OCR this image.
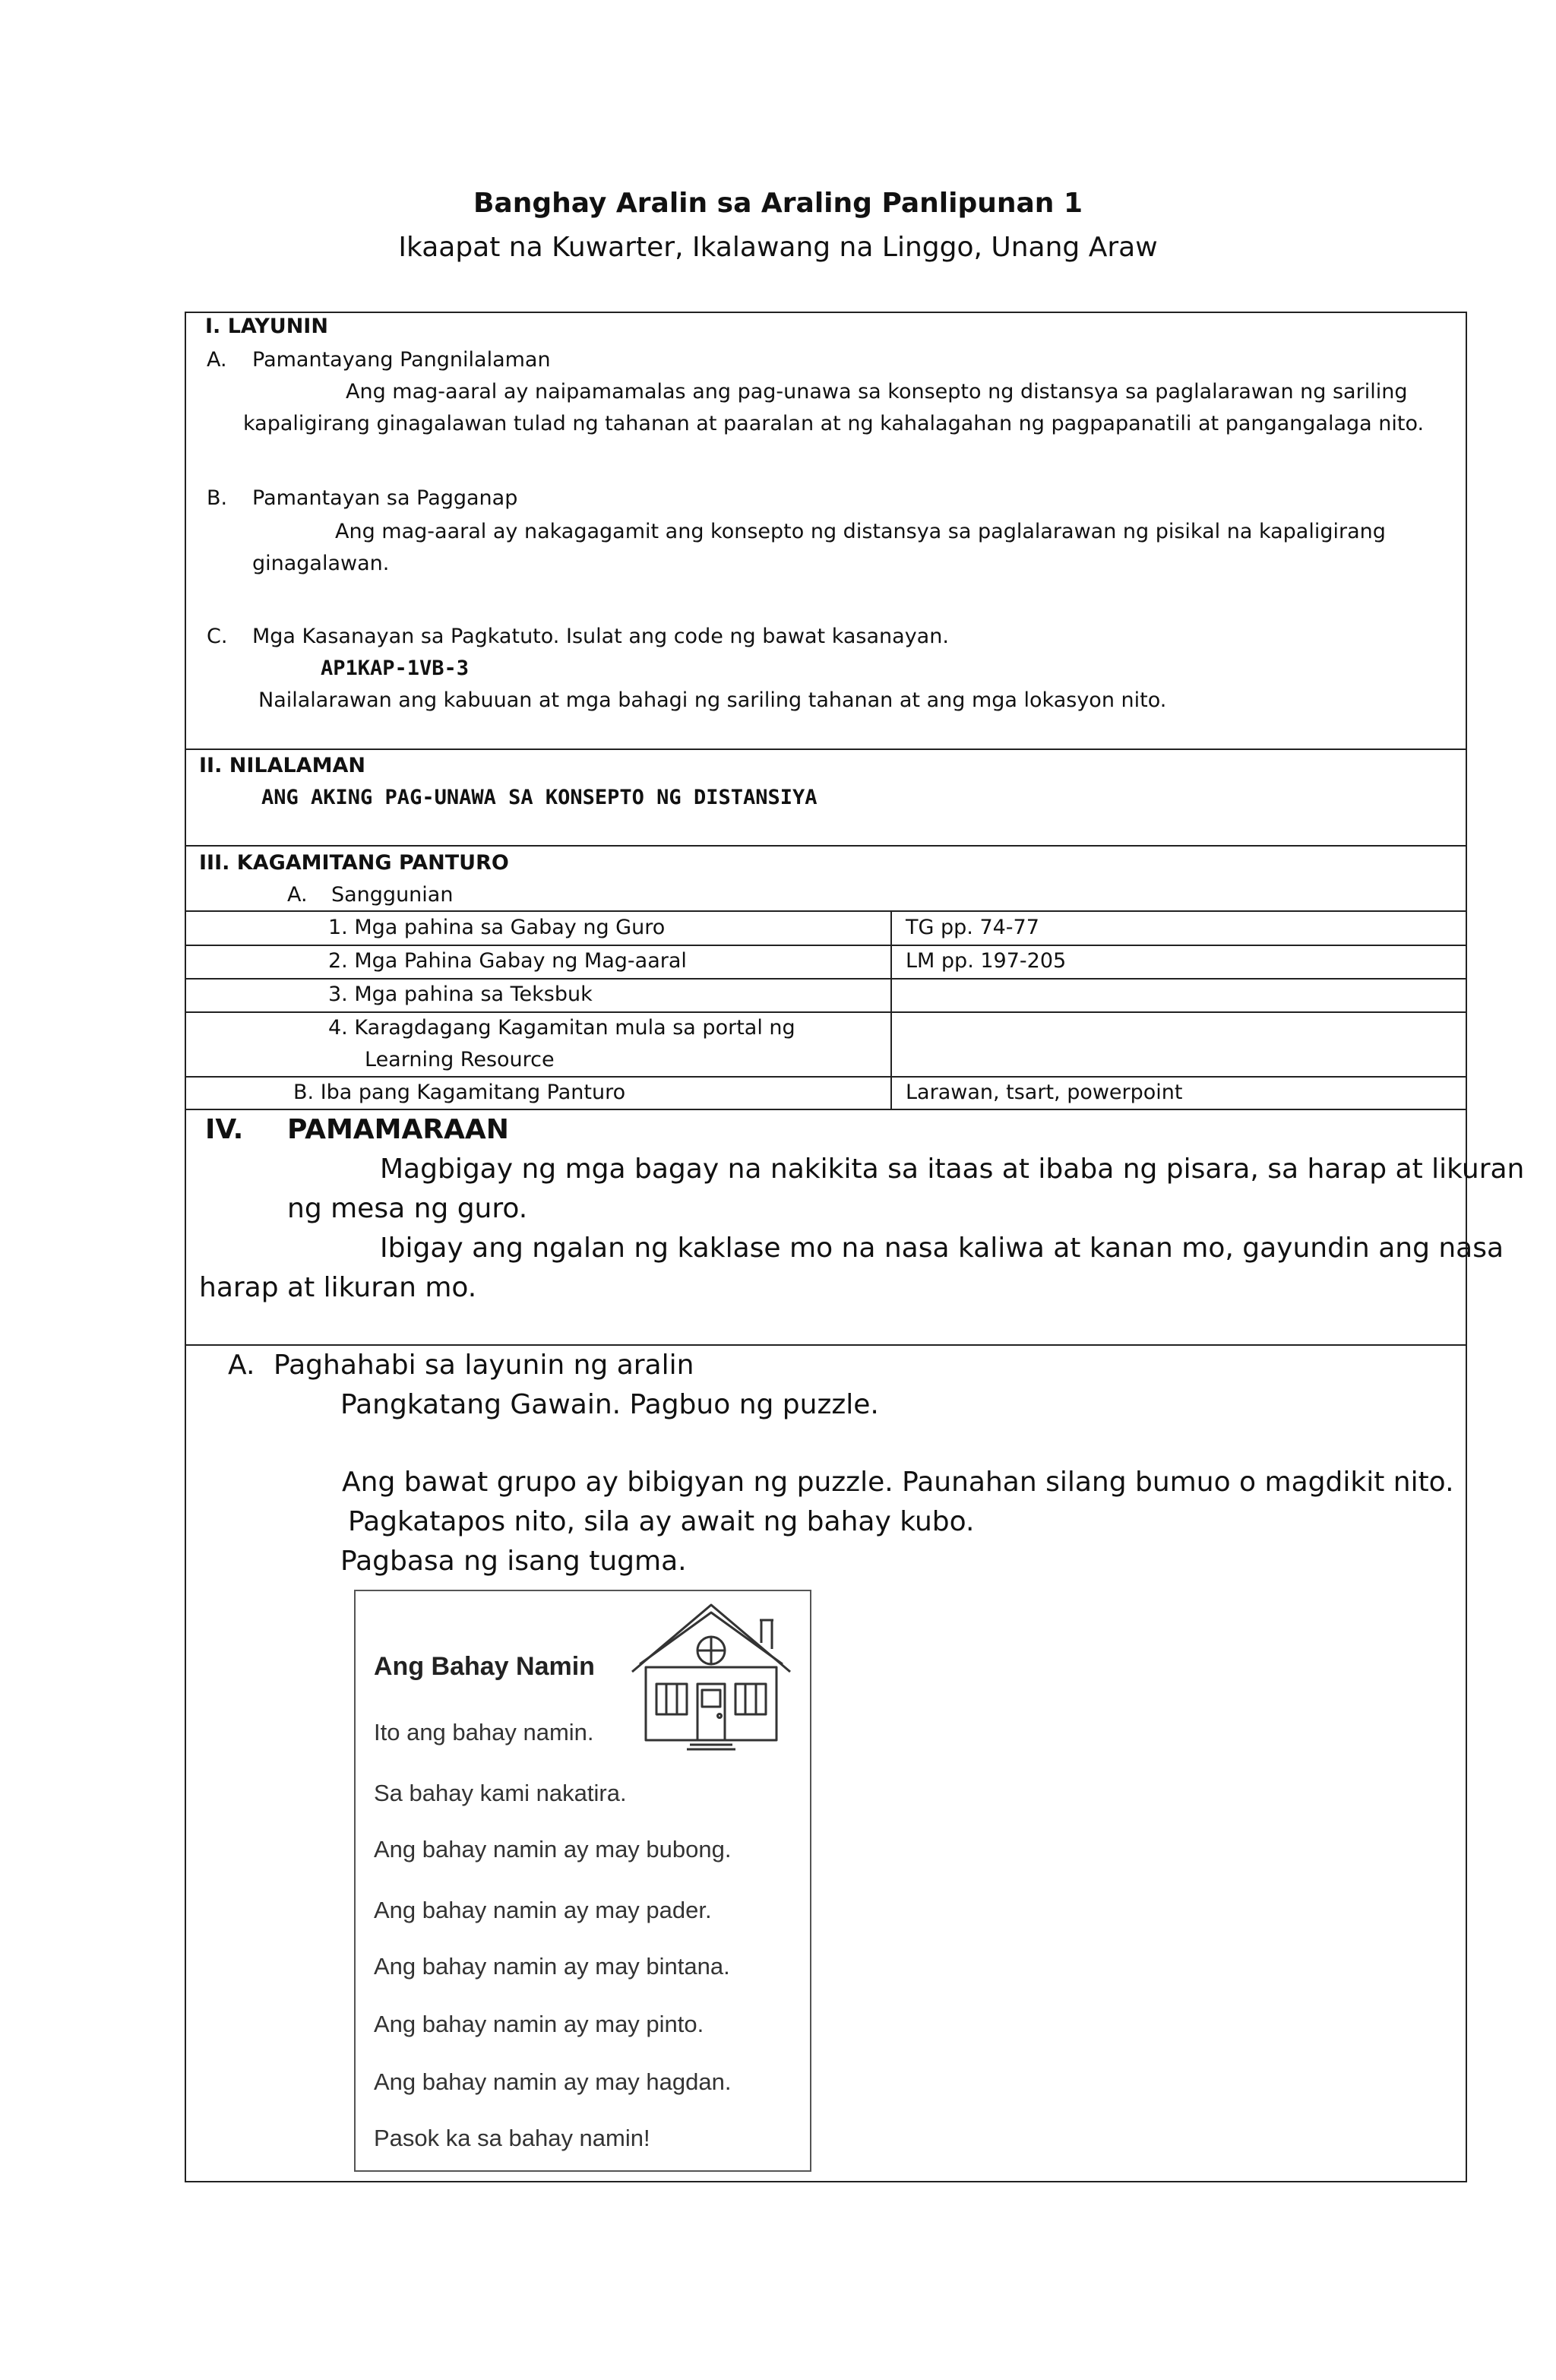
Banghay Aralin sa Araling Panlipunan 1
Ikaapat na Kuwarter, Ikalawang na Linggo, Unang Araw
I. LAYUNIN
A. Pamantayang Pangnilalaman
Ang mag-aaral ay naipamamalas ang pag-unawa sa konsepto ng distansya sa paglalarawan ng sariling
kapaligirang ginagalawan tulad ng tahanan at paaralan at ng kahalagahan ng pagpapanatili at pangangalaga nito.
B. Pamantayan sa Pagganap
Ang mag-aaral ay nakagagamit ang konsepto ng distansya sa paglalarawan ng pisikal na kapaligirang
ginagalawan.
C. Mga Kasanayan sa Pagkatuto. Isulat ang code ng bawat kasanayan.
AP1KAP-1VB-3
Nailalarawan ang kabuuan at mga bahagi ng sariling tahanan at ang mga lokasyon nito.
II. NILALAMAN
ANG AKING PAG-UNAWA SA KONSEPTO NG DISTANSIYA
III. KAGAMITANG PANTURO
A. Sanggunian
1. Mga pahina sa Gabay ng Guro	TG pp. 74-77
2. Mga Pahina Gabay ng Mag-aaral	LM pp. 197-205
3. Mga pahina sa Teksbuk
4. Karagdagang Kagamitan mula sa portal ng
Learning Resource
B. Iba pang Kagamitang Panturo	Larawan, tsart, powerpoint
IV. PAMAMARAAN
Magbigay ng mga bagay na nakikita sa itaas at ibaba ng pisara, sa harap at likuran
ng mesa ng guro.
Ibigay ang ngalan ng kaklase mo na nasa kaliwa at kanan mo, gayundin ang nasa
harap at likuran mo.
A. Paghahabi sa layunin ng aralin
Pangkatang Gawain. Pagbuo ng puzzle.
Ang bawat grupo ay bibigyan ng puzzle. Paunahan silang bumuo o magdikit nito.
Pagkatapos nito, sila ay await ng bahay kubo.
Pagbasa ng isang tugma.
Ang Bahay Namin
Ito ang bahay namin.
Sa bahay kami nakatira.
Ang bahay namin ay may bubong.
Ang bahay namin ay may pader.
Ang bahay namin ay may bintana.
Ang bahay namin ay may pinto.
Ang bahay namin ay may hagdan.
Pasok ka sa bahay namin!
